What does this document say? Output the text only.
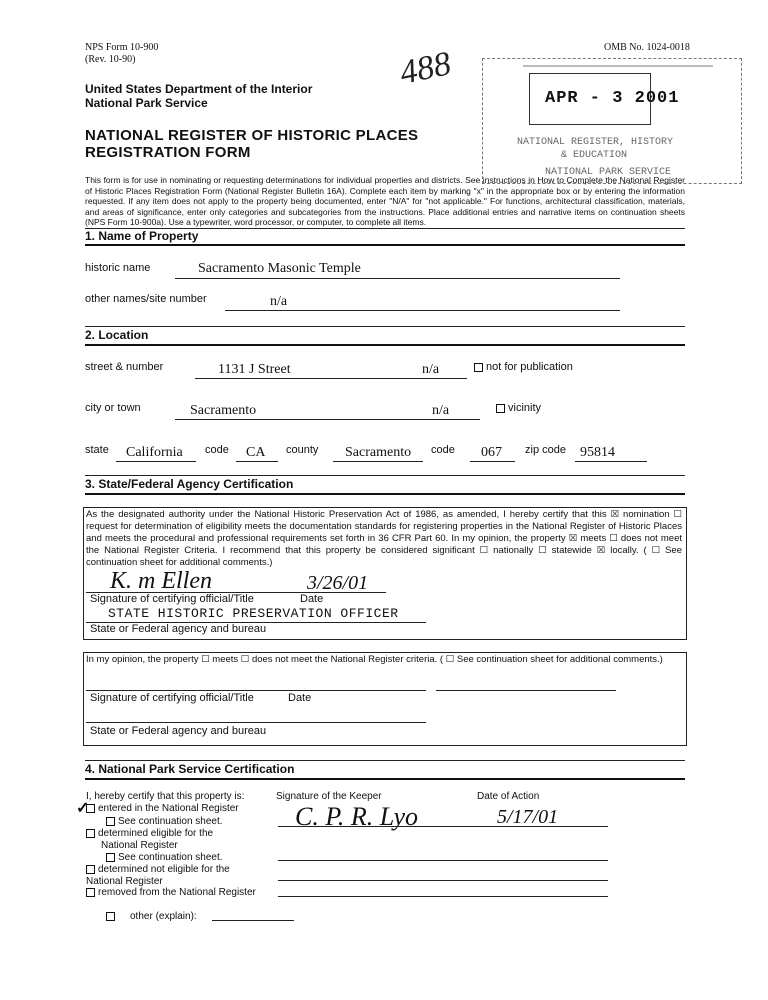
NPS Form 10-900
(Rev. 10-90)
OMB No. 1024-0018
United States Department of the Interior
National Park Service
488
NATIONAL REGISTER OF HISTORIC PLACES
REGISTRATION FORM
APR - 3 2001
NATIONAL REGISTER, HISTORY
& EDUCATION
NATIONAL PARK SERVICE
This form is for use in nominating or requesting determinations for individual properties and districts. See instructions in How to Complete the National Register of Historic Places Registration Form (National Register Bulletin 16A). Complete each item by marking "x" in the appropriate box or by entering the information requested. If any item does not apply to the property being documented, enter "N/A" for "not applicable." For functions, architectural classification, materials, and areas of significance, enter only categories and subcategories from the instructions. Place additional entries and narrative items on continuation sheets (NPS Form 10-900a). Use a typewriter, word processor, or computer, to complete all items.
1. Name of Property
historic name	Sacramento Masonic Temple
other names/site number	n/a
2. Location
street & number	1131 J Street	n/a	not for publication
city or town	Sacramento	n/a	vicinity
state California code CA county Sacramento code 067 zip code 95814
3. State/Federal Agency Certification
As the designated authority under the National Historic Preservation Act of 1986, as amended, I hereby certify that this ☒ nomination ☐ request for determination of eligibility meets the documentation standards for registering properties in the National Register of Historic Places and meets the procedural and professional requirements set forth in 36 CFR Part 60. In my opinion, the property ☒ meets ☐ does not meet the National Register Criteria. I recommend that this property be considered significant ☐ nationally ☐ statewide ☒ locally. ( ☐ See continuation sheet for additional comments.)
K. m Ellen	3/26/01
Signature of certifying official/Title	Date
STATE HISTORIC PRESERVATION OFFICER
State or Federal agency and bureau
In my opinion, the property ☐ meets ☐ does not meet the National Register criteria. ( ☐ See continuation sheet for additional comments.)
Signature of certifying official/Title	Date
State or Federal agency and bureau
4. National Park Service Certification
I, hereby certify that this property is:	Signature of the Keeper	Date of Action
C. P. R. Lyo	5/17/01
✓ entered in the National Register
See continuation sheet.
determined eligible for the
National Register
See continuation sheet.
determined not eligible for the
National Register
removed from the National Register
other (explain):
